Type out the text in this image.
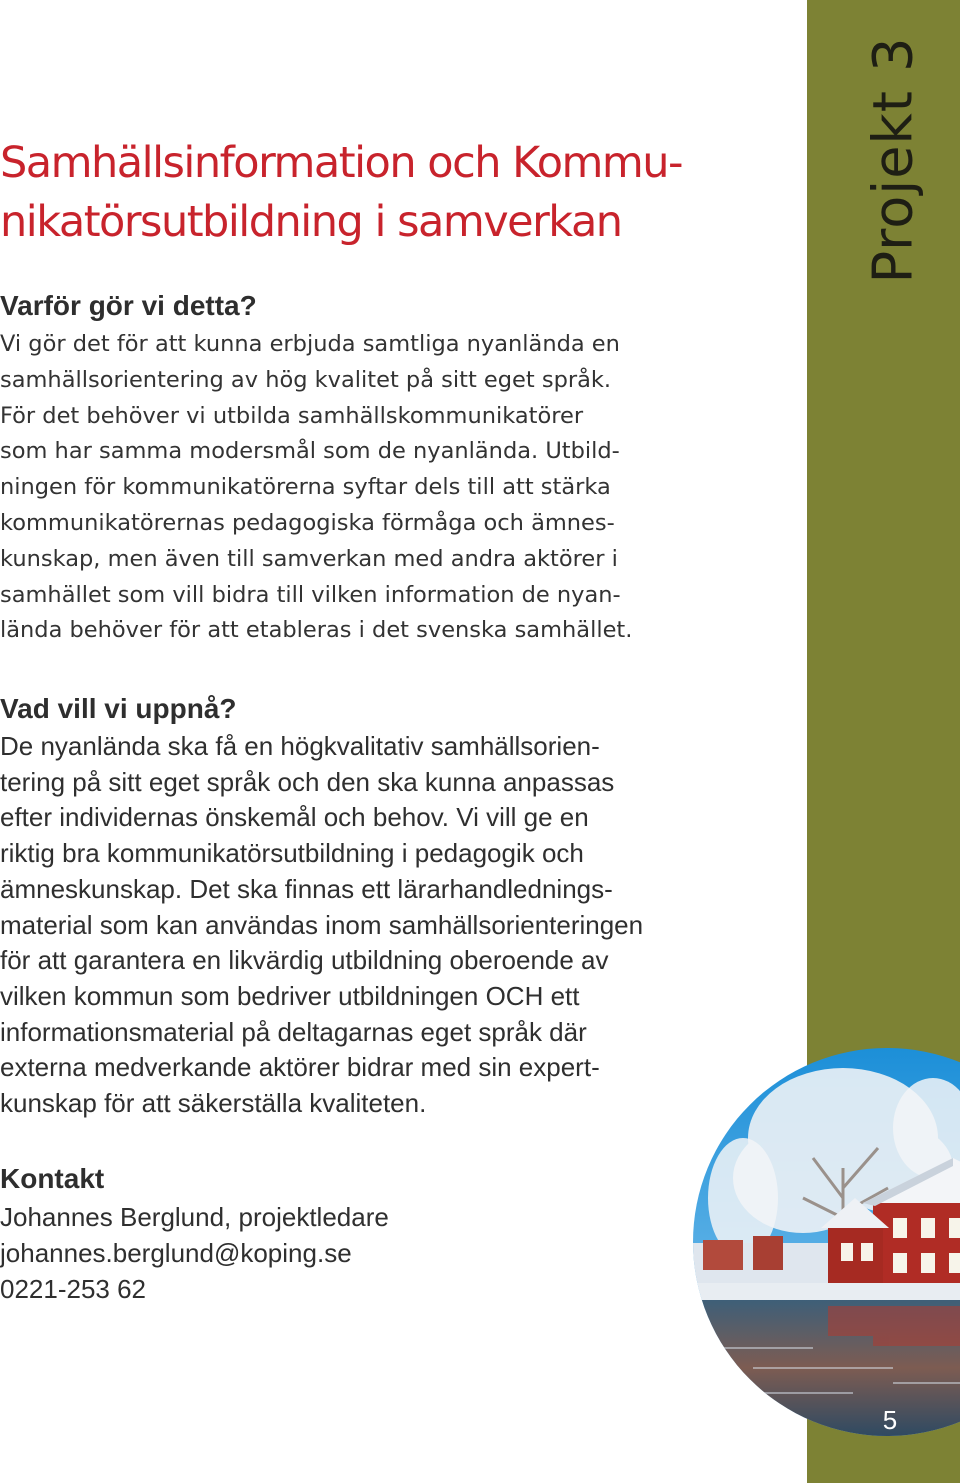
Projekt 3
5
Samhällsinformation och Kommu-
nikatörsutbildning i samverkan
Varför gör vi detta?

Vi gör det för att kunna erbjuda samtliga nyanlända en
samhällsorientering av hög kvalitet på sitt eget språk.
För det behöver vi utbilda samhällskommunikatörer
som har samma modersmål som de nyanlända. Utbild-
ningen för kommunikatörerna syftar dels till att stärka
kommunikatörernas pedagogiska förmåga och ämnes-
kunskap, men även till samverkan med andra aktörer i
samhället som vill bidra till vilken information de nyan-
lända behöver för att etableras i det svenska samhället.

Vad vill vi uppnå?

De nyanlända ska få en högkvalitativ samhällsorien-
tering på sitt eget språk och den ska kunna anpassas
efter individernas önskemål och behov. Vi vill ge en
riktig bra kommunikatörsutbildning i pedagogik och
ämneskunskap. Det ska finnas ett lärarhandlednings-
material som kan användas inom samhällsorienteringen
för att garantera en likvärdig utbildning oberoende av
vilken kommun som bedriver utbildningen OCH ett
informationsmaterial på deltagarnas eget språk där
externa medverkande aktörer bidrar med sin expert-
kunskap för att säkerställa kvaliteten.

Kontakt

Johannes Berglund, projektledare

johannes.berglund@koping.se

0221-253 62
